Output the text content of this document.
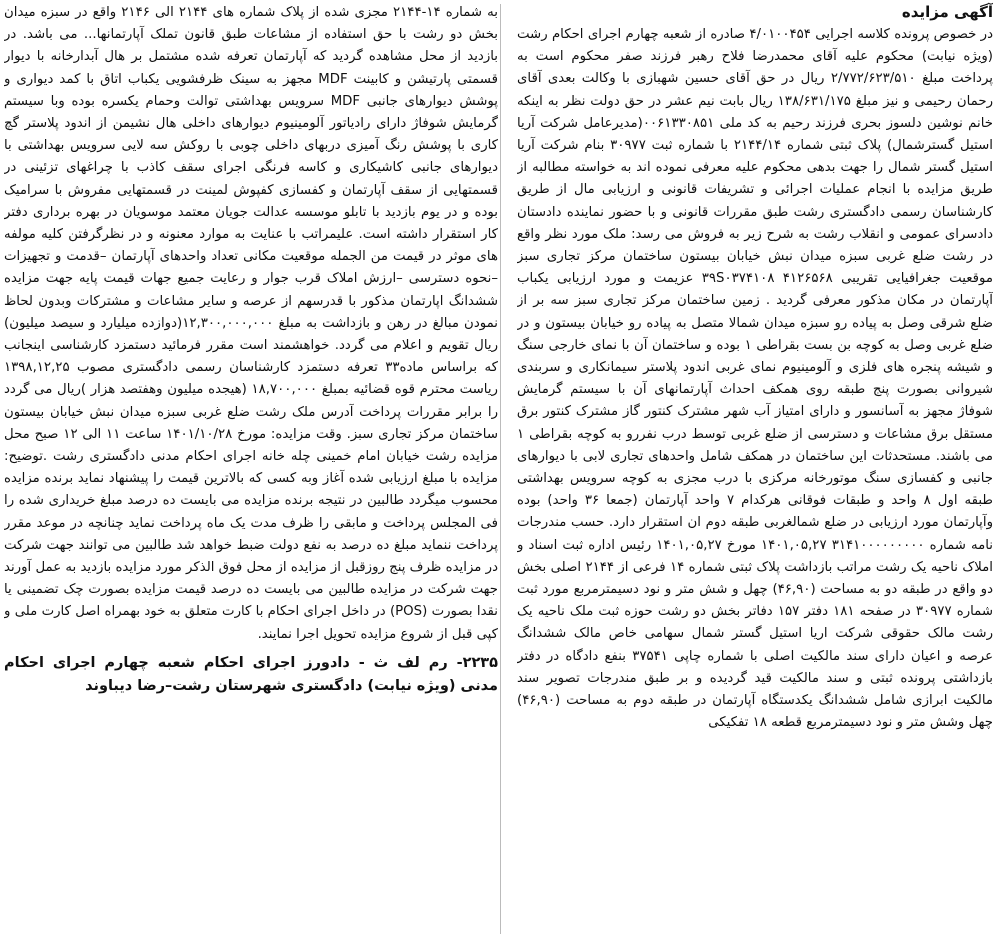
آگهی مزایده

در خصوص پرونده کلاسه اجرایی ۴/۰۱۰۰۴۵۴ صادره از شعبه چهارم اجرای احکام رشت (ویژه نیابت) محکوم علیه آقای محمدرضا فلاح رهبر فرزند صفر محکوم است به پرداخت مبلغ ۲/۷۷۲/۶۲۳/۵۱۰ ریال در حق آقای حسین شهبازی با وکالت بعدی آقای رحمان رحیمی و نیز مبلغ ۱۳۸/۶۳۱/۱۷۵ ریال بابت نیم عشر در حق دولت نظر به اینکه خانم نوشین دلسوز بحری فرزند رحیم به کد ملی ۰۰۶۱۳۳۰۸۵۱(مدیرعامل شرکت آریا استیل گسترشمال) پلاک ثبتی شماره ۲۱۴۴/۱۴ با شماره ثبت ۳۰۹۷۷ بنام شرکت آریا استیل گستر شمال را جهت بدهی محکوم علیه معرفی نموده اند به خواسته مطالبه از طریق مزایده با انجام عملیات اجرائی و تشریفات قانونی و ارزیابی مال از طریق کارشناسان رسمی دادگستری رشت طبق مقررات قانونی و با حضور نماینده دادستان دادسرای عمومی و انقلاب رشت به شرح زیر به فروش می رسد: ملک مورد نظر واقع در رشت ضلع غربی سبزه میدان نبش خیابان بیستون ساختمان مرکز تجاری سبز موقعیت جغرافیایی تقریبی ۳۹S۰۳۷۴۱۰۸ ۴۱۲۶۵۶۸ عزیمت و مورد ارزیابی یکباب آپارتمان در مکان مذکور معرفی گردید . زمین ساختمان مرکز تجاری سبز سه بر از ضلع شرقی وصل به پیاده رو سبزه میدان شمالا متصل به پیاده رو خیابان بیستون و در ضلع غربی وصل به کوچه بن بست بقراطی ۱ بوده و ساختمان آن با نمای خارجی سنگ و شیشه پنجره های فلزی و آلومینیوم نمای غربی اندود پلاستر سیمانکاری و سربندی شیروانی بصورت پنج طبقه روی همکف احداث آپارتمانهای آن با سیستم گرمایش شوفاژ مجهز به آسانسور و دارای امتیاز آب شهر مشترک کنتور گاز مشترک کنتور برق مستقل برق مشاعات و دسترسی از ضلع غربی توسط درب نفررو به کوچه بقراطی ۱ می باشند. مستحدثات این ساختمان در همکف شامل واحدهای تجاری لابی با دیوارهای جانبی و کفسازی سنگ موتورخانه مرکزی با درب مجزی به کوچه سرویس بهداشتی طبقه اول ۸ واحد و طبقات فوقانی هرکدام ۷ واحد آپارتمان (جمعا ۳۶ واحد) بوده وآپارتمان مورد ارزیابی در ضلع شمالغربی طبقه دوم ان استقرار دارد. حسب مندرجات نامه شماره ۳۱۴۱۰۰۰۰۰۰۰۰۰ ۱۴۰۱,۰۵,۲۷ مورخ ۱۴۰۱,۰۵,۲۷ رئیس اداره ثبت اسناد و املاک ناحیه یک رشت مراتب بازداشت پلاک ثبتی شماره ۱۴ فرعی از ۲۱۴۴ اصلی بخش دو واقع در طبقه دو به مساحت (۴۶,۹۰) چهل و شش متر و نود دسیمترمربع مورد ثبت شماره ۳۰۹۷۷ در صفحه ۱۸۱ دفتر ۱۵۷ دفاتر بخش دو رشت حوزه ثبت ملک ناحیه یک رشت مالک حقوقی شرکت اریا استیل گستر شمال سهامی خاص مالک ششدانگ عرصه و اعیان دارای سند مالکیت اصلی با شماره چاپی ۳۷۵۴۱ بنفع دادگاه در دفتر بازداشتی پرونده ثبتی و سند مالکیت قید گردیده و بر طبق مندرجات تصویر سند مالکیت ابرازی شامل ششدانگ یکدستگاه آپارتمان در طبقه دوم به مساحت (۴۶,۹۰) چهل وشش متر و نود دسیمترمربع قطعه ۱۸ تفکیکی

به شماره ۱۴-۲۱۴۴ مجزی شده از پلاک شماره های ۲۱۴۴ الی ۲۱۴۶ واقع در سبزه میدان بخش دو رشت با حق استفاده از مشاعات طبق قانون تملک آپارتمانها... می باشد. در بازدید از محل مشاهده گردید که آپارتمان تعرفه شده مشتمل بر هال آبدارخانه با دیوار قسمتی پارتیشن و کابینت MDF مجهز به سینک ظرفشویی یکباب اتاق با کمد دیواری و پوشش دیوارهای جانبی MDF سرویس بهداشتی توالت وحمام یکسره بوده وبا سیستم گرمایش شوفاژ دارای رادیاتور آلومینیوم دیوارهای داخلی هال نشیمن از اندود پلاستر گچ کاری با پوشش رنگ آمیزی دربهای داخلی چوبی با روکش سه لایی سرویس بهداشتی با دیوارهای جانبی کاشیکاری و کاسه فرنگی اجرای سقف کاذب با چراغهای تزئینی در قسمتهایی از سقف آپارتمان و کفسازی کفپوش لمینت در قسمتهایی مفروش با سرامیک بوده و در یوم بازدید با تابلو موسسه عدالت جویان معتمد موسویان در بهره برداری دفتر کار استقرار داشته است. علیمراتب با عنایت به موارد معنونه و در نظرگرفتن کلیه مولفه های موثر در قیمت من الجمله موقعیت مکانی تعداد واحدهای آپارتمان –قدمت و تجهیزات –نحوه دسترسی –ارزش املاک قرب جوار و رعایت جمیع جهات قیمت پایه جهت مزایده ششدانگ اپارتمان مذکور با قدرسهم از عرصه و سایر مشاعات و مشترکات وبدون لحاظ نمودن مبالغ در رهن و بازداشت به مبلغ ۱۲,۳۰۰,۰۰۰,۰۰۰(دوازده میلیارد و سیصد میلیون) ریال تقویم و اعلام می گردد. خواهشمند است مقرر فرمائید دستمزد کارشناسی اینجانب که براساس ماده۳۳ تعرفه دستمزد کارشناسان رسمی دادگستری مصوب ۱۳۹۸,۱۲,۲۵ ریاست محترم قوه قضائیه بمبلغ ۱۸,۷۰۰,۰۰۰ (هیجده میلیون وهفتصد هزار )ریال می گردد را برابر مقررات پرداخت آدرس ملک رشت ضلع غربی سبزه میدان نبش خیابان بیستون ساختمان مرکز تجاری سبز. وقت مزایده: مورخ ۱۴۰۱/۱۰/۲۸ ساعت ۱۱ الی ۱۲ صبح محل مزایده رشت خیابان امام خمینی چله خانه اجرای احکام مدنی دادگستری رشت .توضیح: مزایده با مبلغ ارزیابی شده آغاز وبه کسی که بالاترین قیمت را پیشنهاد نماید برنده مزایده محسوب میگردد طالبین در نتیجه برنده مزایده می بایست ده درصد مبلغ خریداری شده را فی المجلس پرداخت و مابقی را ظرف مدت یک ماه پرداخت نماید چنانچه در موعد مقرر پرداخت ننماید مبلغ ده درصد به نفع دولت ضبط خواهد شد طالبین می توانند جهت شرکت در مزایده ظرف پنج روزقبل از مزایده از محل فوق الذکر مورد مزایده بازدید به عمل آورند جهت شرکت در مزایده طالبین می بایست ده درصد قیمت مزایده بصورت چک تضمینی یا نقدا بصورت (POS) در داخل اجرای احکام با کارت متعلق به خود بهمراه اصل کارت ملی و کپی قبل از شروع مزایده تحویل اجرا نمایند.

۲۲۳۵- رم لف ث - دادورز اجرای احکام شعبه چهارم اجرای احکام مدنی (ویژه نیابت) دادگستری شهرستان رشت–رضا دیباوند
